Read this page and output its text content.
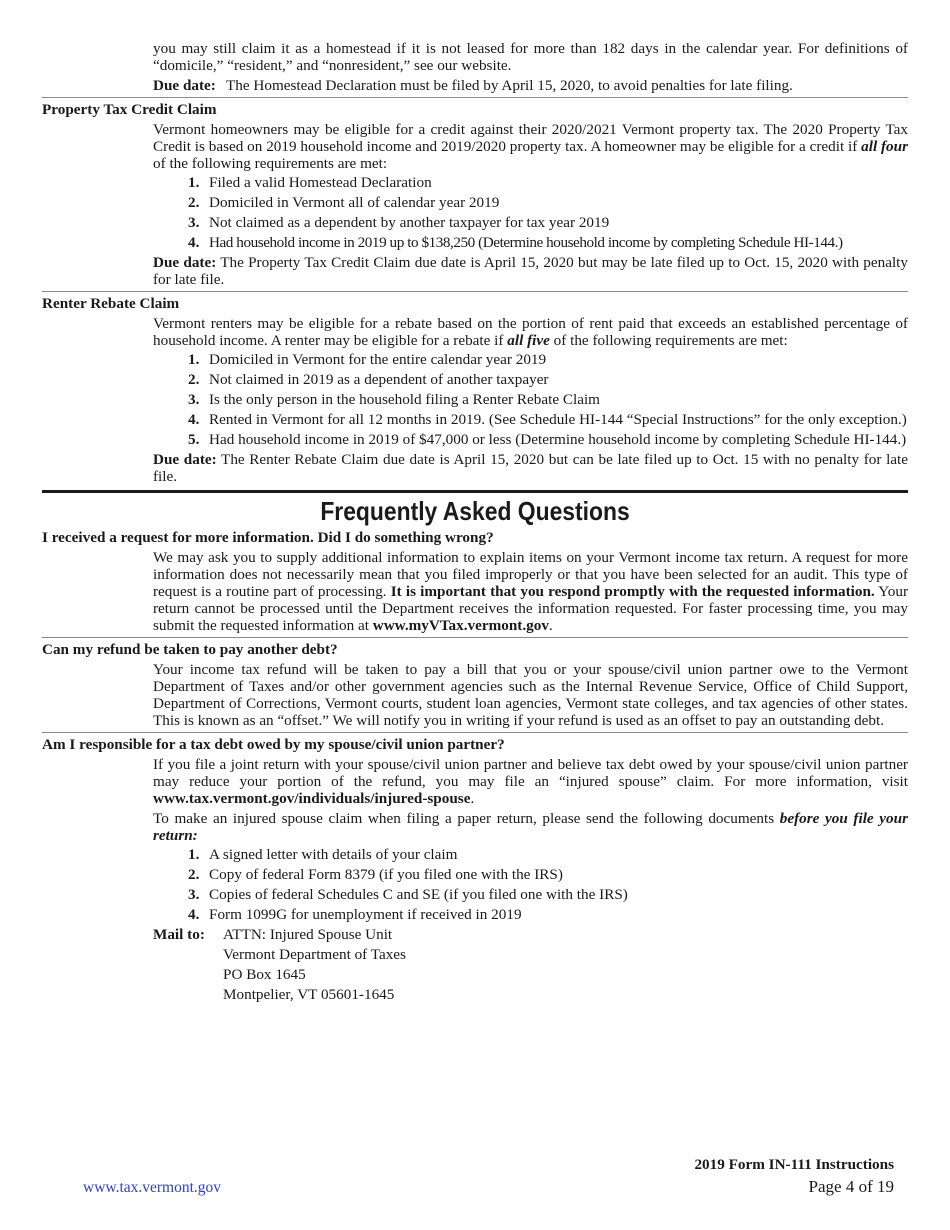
you may still claim it as a homestead if it is not leased for more than 182 days in the calendar year. For definitions of “domicile,” “resident,” and “nonresident,” see our website.

Due date: The Homestead Declaration must be filed by April 15, 2020, to avoid penalties for late filing.

Property Tax Credit Claim

Vermont homeowners may be eligible for a credit against their 2020/2021 Vermont property tax. The 2020 Property Tax Credit is based on 2019 household income and 2019/2020 property tax. A homeowner may be eligible for a credit if all four of the following requirements are met:

1. Filed a valid Homestead Declaration
2. Domiciled in Vermont all of calendar year 2019
3. Not claimed as a dependent by another taxpayer for tax year 2019
4. Had household income in 2019 up to $138,250 (Determine household income by completing Schedule HI-144.)

Due date: The Property Tax Credit Claim due date is April 15, 2020 but may be late filed up to Oct. 15, 2020 with penalty for late file.

Renter Rebate Claim

Vermont renters may be eligible for a rebate based on the portion of rent paid that exceeds an established percentage of household income. A renter may be eligible for a rebate if all five of the following requirements are met:

1. Domiciled in Vermont for the entire calendar year 2019
2. Not claimed in 2019 as a dependent of another taxpayer
3. Is the only person in the household filing a Renter Rebate Claim
4. Rented in Vermont for all 12 months in 2019. (See Schedule HI-144 “Special Instructions” for the only exception.)
5. Had household income in 2019 of $47,000 or less (Determine household income by completing Schedule HI-144.)

Due date: The Renter Rebate Claim due date is April 15, 2020 but can be late filed up to Oct. 15 with no penalty for late file.

Frequently Asked Questions

I received a request for more information. Did I do something wrong?

We may ask you to supply additional information to explain items on your Vermont income tax return. A request for more information does not necessarily mean that you filed improperly or that you have been selected for an audit. This type of request is a routine part of processing. It is important that you respond promptly with the requested information. Your return cannot be processed until the Department receives the information requested. For faster processing time, you may submit the requested information at www.myVTax.vermont.gov.

Can my refund be taken to pay another debt?

Your income tax refund will be taken to pay a bill that you or your spouse/civil union partner owe to the Vermont Department of Taxes and/or other government agencies such as the Internal Revenue Service, Office of Child Support, Department of Corrections, Vermont courts, student loan agencies, Vermont state colleges, and tax agencies of other states. This is known as an “offset.” We will notify you in writing if your refund is used as an offset to pay an outstanding debt.

Am I responsible for a tax debt owed by my spouse/civil union partner?

If you file a joint return with your spouse/civil union partner and believe tax debt owed by your spouse/civil union partner may reduce your portion of the refund, you may file an “injured spouse” claim. For more information, visit www.tax.vermont.gov/individuals/injured-spouse.

To make an injured spouse claim when filing a paper return, please send the following documents before you file your return:

1. A signed letter with details of your claim
2. Copy of federal Form 8379 (if you filed one with the IRS)
3. Copies of federal Schedules C and SE (if you filed one with the IRS)
4. Form 1099G for unemployment if received in 2019
Mail to:	ATTN: Injured Spouse Unit
Vermont Department of Taxes
PO Box 1645
Montpelier, VT 05601-1645
2019 Form IN-111 Instructions
www.tax.vermont.gov	Page 4 of 19
